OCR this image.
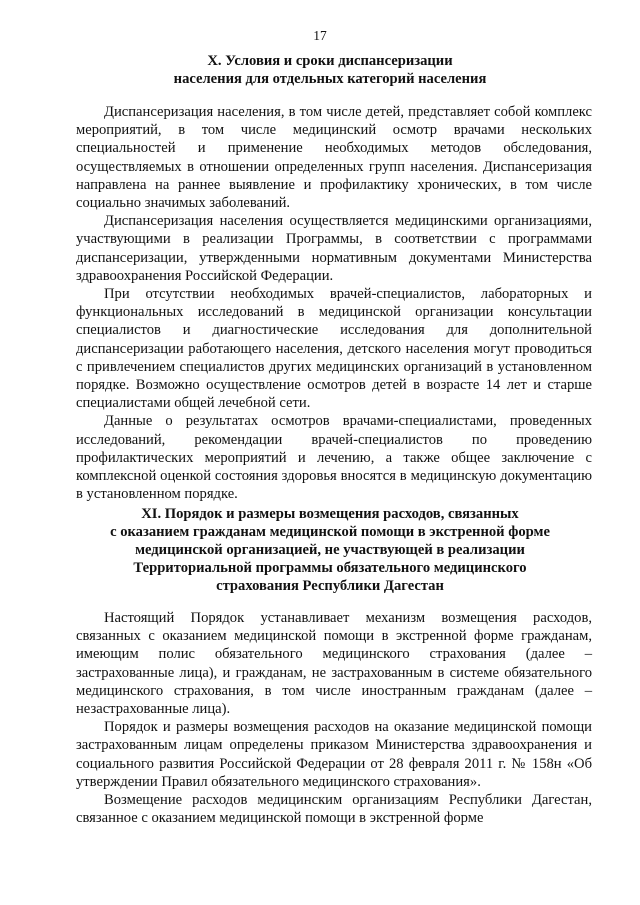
17
X. Условия и сроки диспансеризации
населения для отдельных категорий населения

Диспансеризация населения, в том числе детей, представляет собой комплекс мероприятий, в том числе медицинский осмотр врачами нескольких специальностей и применение необходимых методов обследования, осуществляемых в отношении определенных групп населения. Диспансеризация направлена на раннее выявление и профилактику хронических, в том числе социально значимых заболеваний.

Диспансеризация населения осуществляется медицинскими организациями, участвующими в реализации Программы, в соответствии с программами диспансеризации, утвержденными нормативным документами Министерства здравоохранения Российской Федерации.

При отсутствии необходимых врачей-специалистов, лабораторных и функциональных исследований в медицинской организации консультации специалистов и диагностические исследования для дополнительной диспансеризации работающего населения, детского населения могут проводиться с привлечением специалистов других медицинских организаций в установленном порядке. Возможно осуществление осмотров детей в возрасте 14 лет и старше специалистами общей лечебной сети.

Данные о результатах осмотров врачами-специалистами, проведенных исследований, рекомендации врачей-специалистов по проведению профилактических мероприятий и лечению, а также общее заключение с комплексной оценкой состояния здоровья вносятся в медицинскую документацию в установленном порядке.

XI. Порядок и размеры возмещения расходов, связанных
с оказанием гражданам медицинской помощи в экстренной форме
медицинской организацией, не участвующей в реализации
Территориальной программы обязательного медицинского
страхования Республики Дагестан

Настоящий Порядок устанавливает механизм возмещения расходов, связанных с оказанием медицинской помощи в экстренной форме гражданам, имеющим полис обязательного медицинского страхования (далее – застрахованные лица), и гражданам, не застрахованным в системе обязательного медицинского страхования, в том числе иностранным гражданам (далее – незастрахованные лица).

Порядок и размеры возмещения расходов на оказание медицинской помощи застрахованным лицам определены приказом Министерства здравоохранения и социального развития Российской Федерации от 28 февраля 2011 г. № 158н «Об утверждении Правил обязательного медицинского страхования».

Возмещение расходов медицинским организациям Республики Дагестан, связанное с оказанием медицинской помощи в экстренной форме
